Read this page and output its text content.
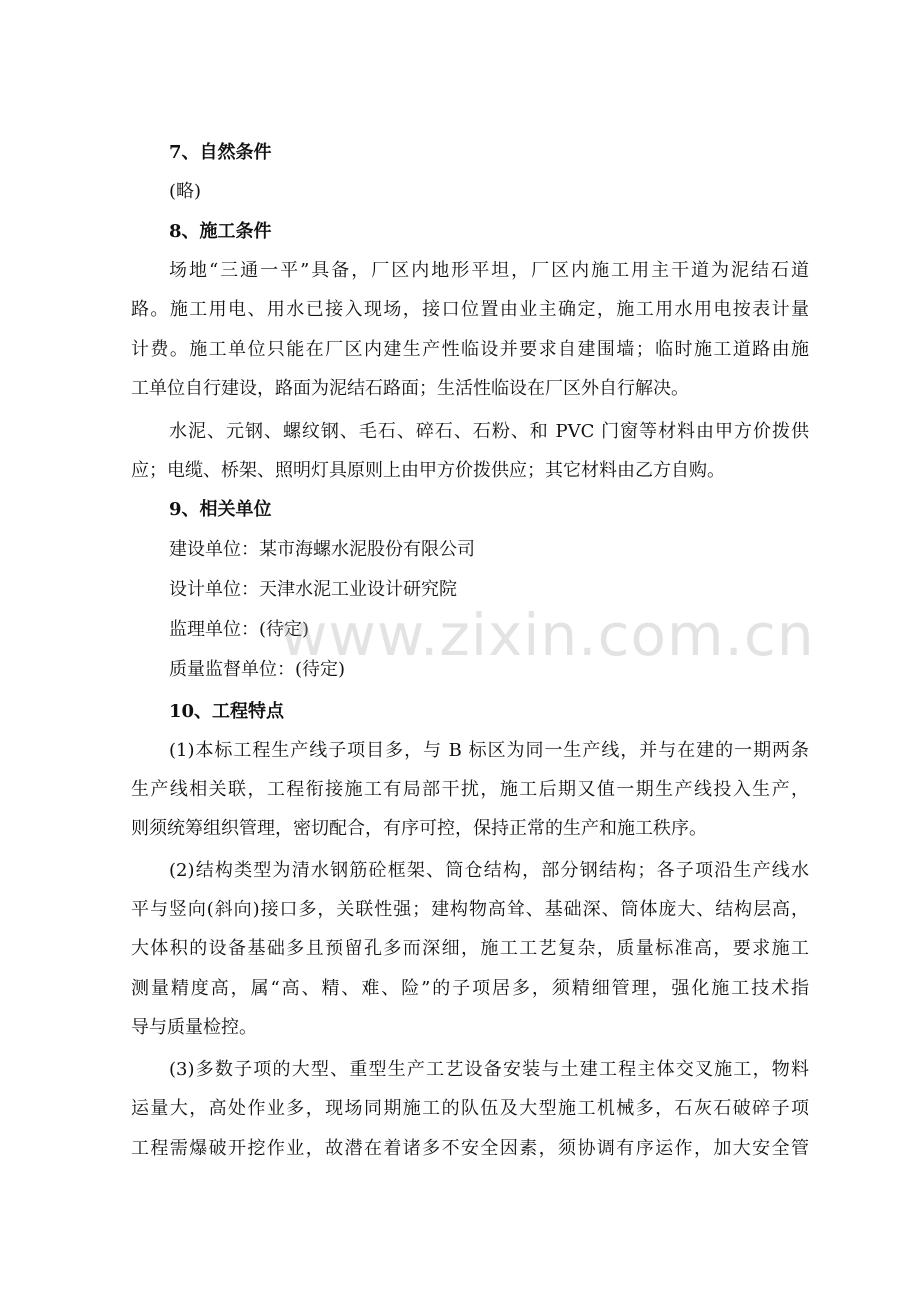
7、自然条件
(略)
8、施工条件
场地“三通一平”具备，厂区内地形平坦，厂区内施工用主干道为泥结石道
路。施工用电、用水已接入现场，接口位置由业主确定，施工用水用电按表计量
计费。施工单位只能在厂区内建生产性临设并要求自建围墙；临时施工道路由施
工单位自行建设，路面为泥结石路面；生活性临设在厂区外自行解决。
水泥、元钢、螺纹钢、毛石、碎石、石粉、和 PVC 门窗等材料由甲方价拨供
应；电缆、桥架、照明灯具原则上由甲方价拨供应；其它材料由乙方自购。
9、相关单位
建设单位：某市海螺水泥股份有限公司
设计单位：天津水泥工业设计研究院
监理单位：(待定)
质量监督单位：(待定)
10、工程特点
(1)本标工程生产线子项目多，与 B 标区为同一生产线，并与在建的一期两条
生产线相关联，工程衔接施工有局部干扰，施工后期又值一期生产线投入生产，
则须统筹组织管理，密切配合，有序可控，保持正常的生产和施工秩序。
(2)结构类型为清水钢筋砼框架、筒仓结构，部分钢结构；各子项沿生产线水
平与竖向(斜向)接口多，关联性强；建构物高耸、基础深、筒体庞大、结构层高，
大体积的设备基础多且预留孔多而深细，施工工艺复杂，质量标准高，要求施工
测量精度高，属“高、精、难、险”的子项居多，须精细管理，强化施工技术指
导与质量检控。
(3)多数子项的大型、重型生产工艺设备安装与土建工程主体交叉施工，物料
运量大，高处作业多，现场同期施工的队伍及大型施工机械多，石灰石破碎子项
工程需爆破开挖作业，故潜在着诸多不安全因素，须协调有序运作，加大安全管
www.zixin.com.cn
